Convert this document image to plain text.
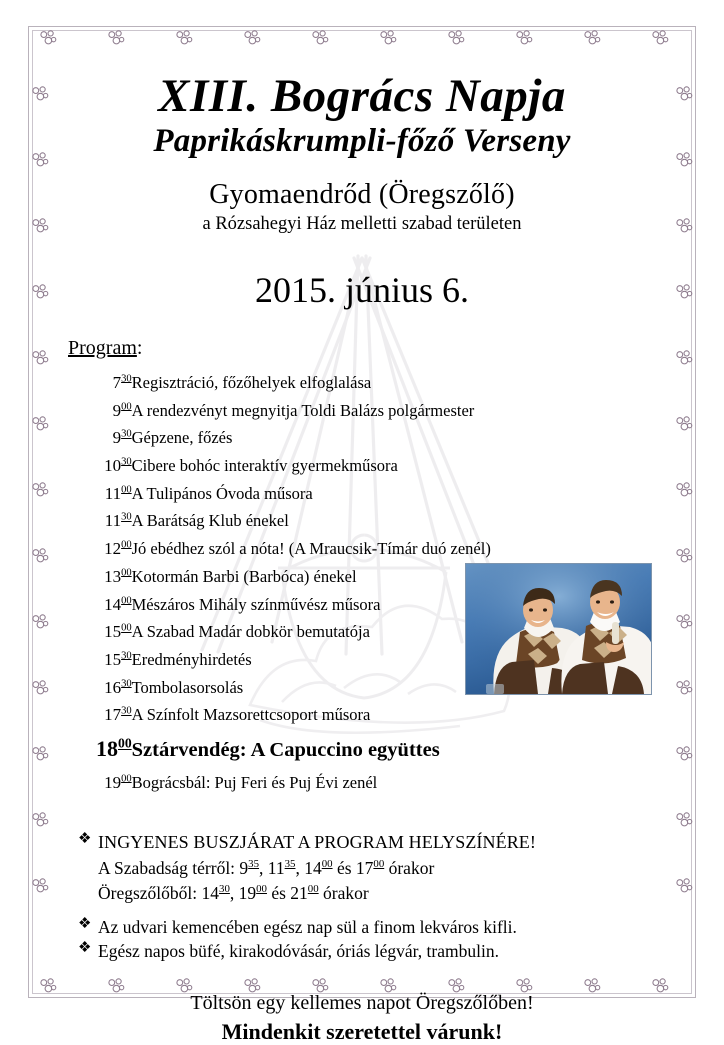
XIII. Bogrács Napja
Paprikáskrumpli-főző Verseny
Gyomaendrőd (Öregszőlő)
a Rózsahegyi Ház melletti szabad területen
2015. június 6.
Program:
$7^{30}$	Regisztráció, főzőhelyek elfoglalása
$9^{00}$	A rendezvényt megnyitja Toldi Balázs polgármester
$9^{30}$	Gépzene, főzés
$10^{30}$	Cibere bohóc interaktív gyermekműsora
$11^{00}$	A Tulipános Óvoda műsora
$11^{30}$	A Barátság Klub énekel
$12^{00}$	Jó ebédhez szól a nóta! (A Mraucsik-Tímár duó zenél)
$13^{00}$	Kotormán Barbi (Barbóca) énekel
$14^{00}$	Mészáros Mihály színművész műsora
$15^{00}$	A Szabad Madár dobkör bemutatója
$15^{30}$	Eredményhirdetés
$16^{30}$	Tombolasorsolás
$17^{30}$	A Színfolt Mazsorettcsoport műsora
$18^{00}$	Sztárvendég: A Capuccino együttes
$19^{00}$	Bográcsbál: Puj Feri és Puj Évi zenél
❖ INGYENES BUSZJÁRAT A PROGRAM HELYSZÍNÉRE!
A Szabadság térről: $9^{35}$, $11^{35}$, $14^{00}$ és $17^{00}$ órakor
Öregszőlőből: $14^{30}$, $19^{00}$ és $21^{00}$ órakor
❖ Az udvari kemencében egész nap sül a finom lekváros kifli.
❖ Egész napos büfé, kirakodóvásár, óriás légvár, trambulin.
Töltsön egy kellemes napot Öregszőlőben!
Mindenkit szeretettel várunk!
